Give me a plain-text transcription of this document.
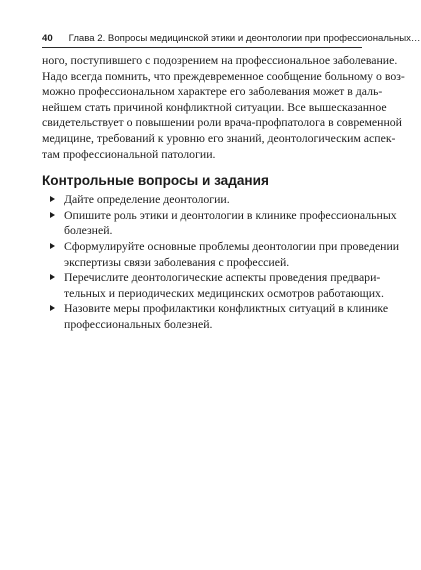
40 Глава 2. Вопросы медицинской этики и деонтологии при профессиональных…

ного, поступившего с подозрением на профессиональное заболевание.
Надо всегда помнить, что преждевременное сообщение больному о воз-
можно профессиональном характере его заболевания может в даль-
нейшем стать причиной конфликтной ситуации. Все вышесказанное
свидетельствует о повышении роли врача-профпатолога в современной
медицине, требований к уровню его знаний, деонтологическим аспек-
там профессиональной патологии.

Контрольные вопросы и задания
Дайте определение деонтологии.
Опишите роль этики и деонтологии в клинике профессиональных
болезней.
Сформулируйте основные проблемы деонтологии при проведении
экспертизы связи заболевания с профессией.
Перечислите деонтологические аспекты проведения предвари-
тельных и периодических медицинских осмотров работающих.
Назовите меры профилактики конфликтных ситуаций в клинике
профессиональных болезней.
